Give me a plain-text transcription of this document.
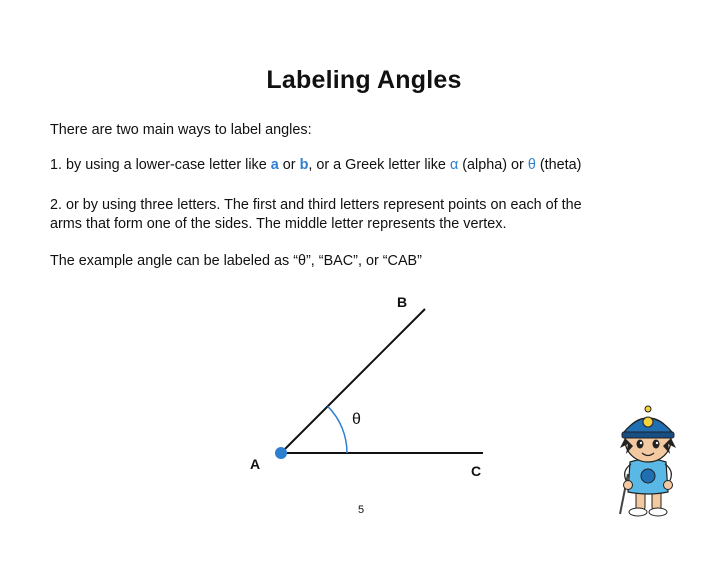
Labeling Angles
There are two main ways to label angles:
1. by using a lower-case letter like a or b, or a Greek letter like α (alpha) or θ (theta)
2. or by using three letters. The first and third letters represent points on each of the
arms that form one of the sides. The middle letter represents the vertex.
The example angle can be labeled as “θ”, “BAC”, or “CAB”
B
A	C
θ
5
